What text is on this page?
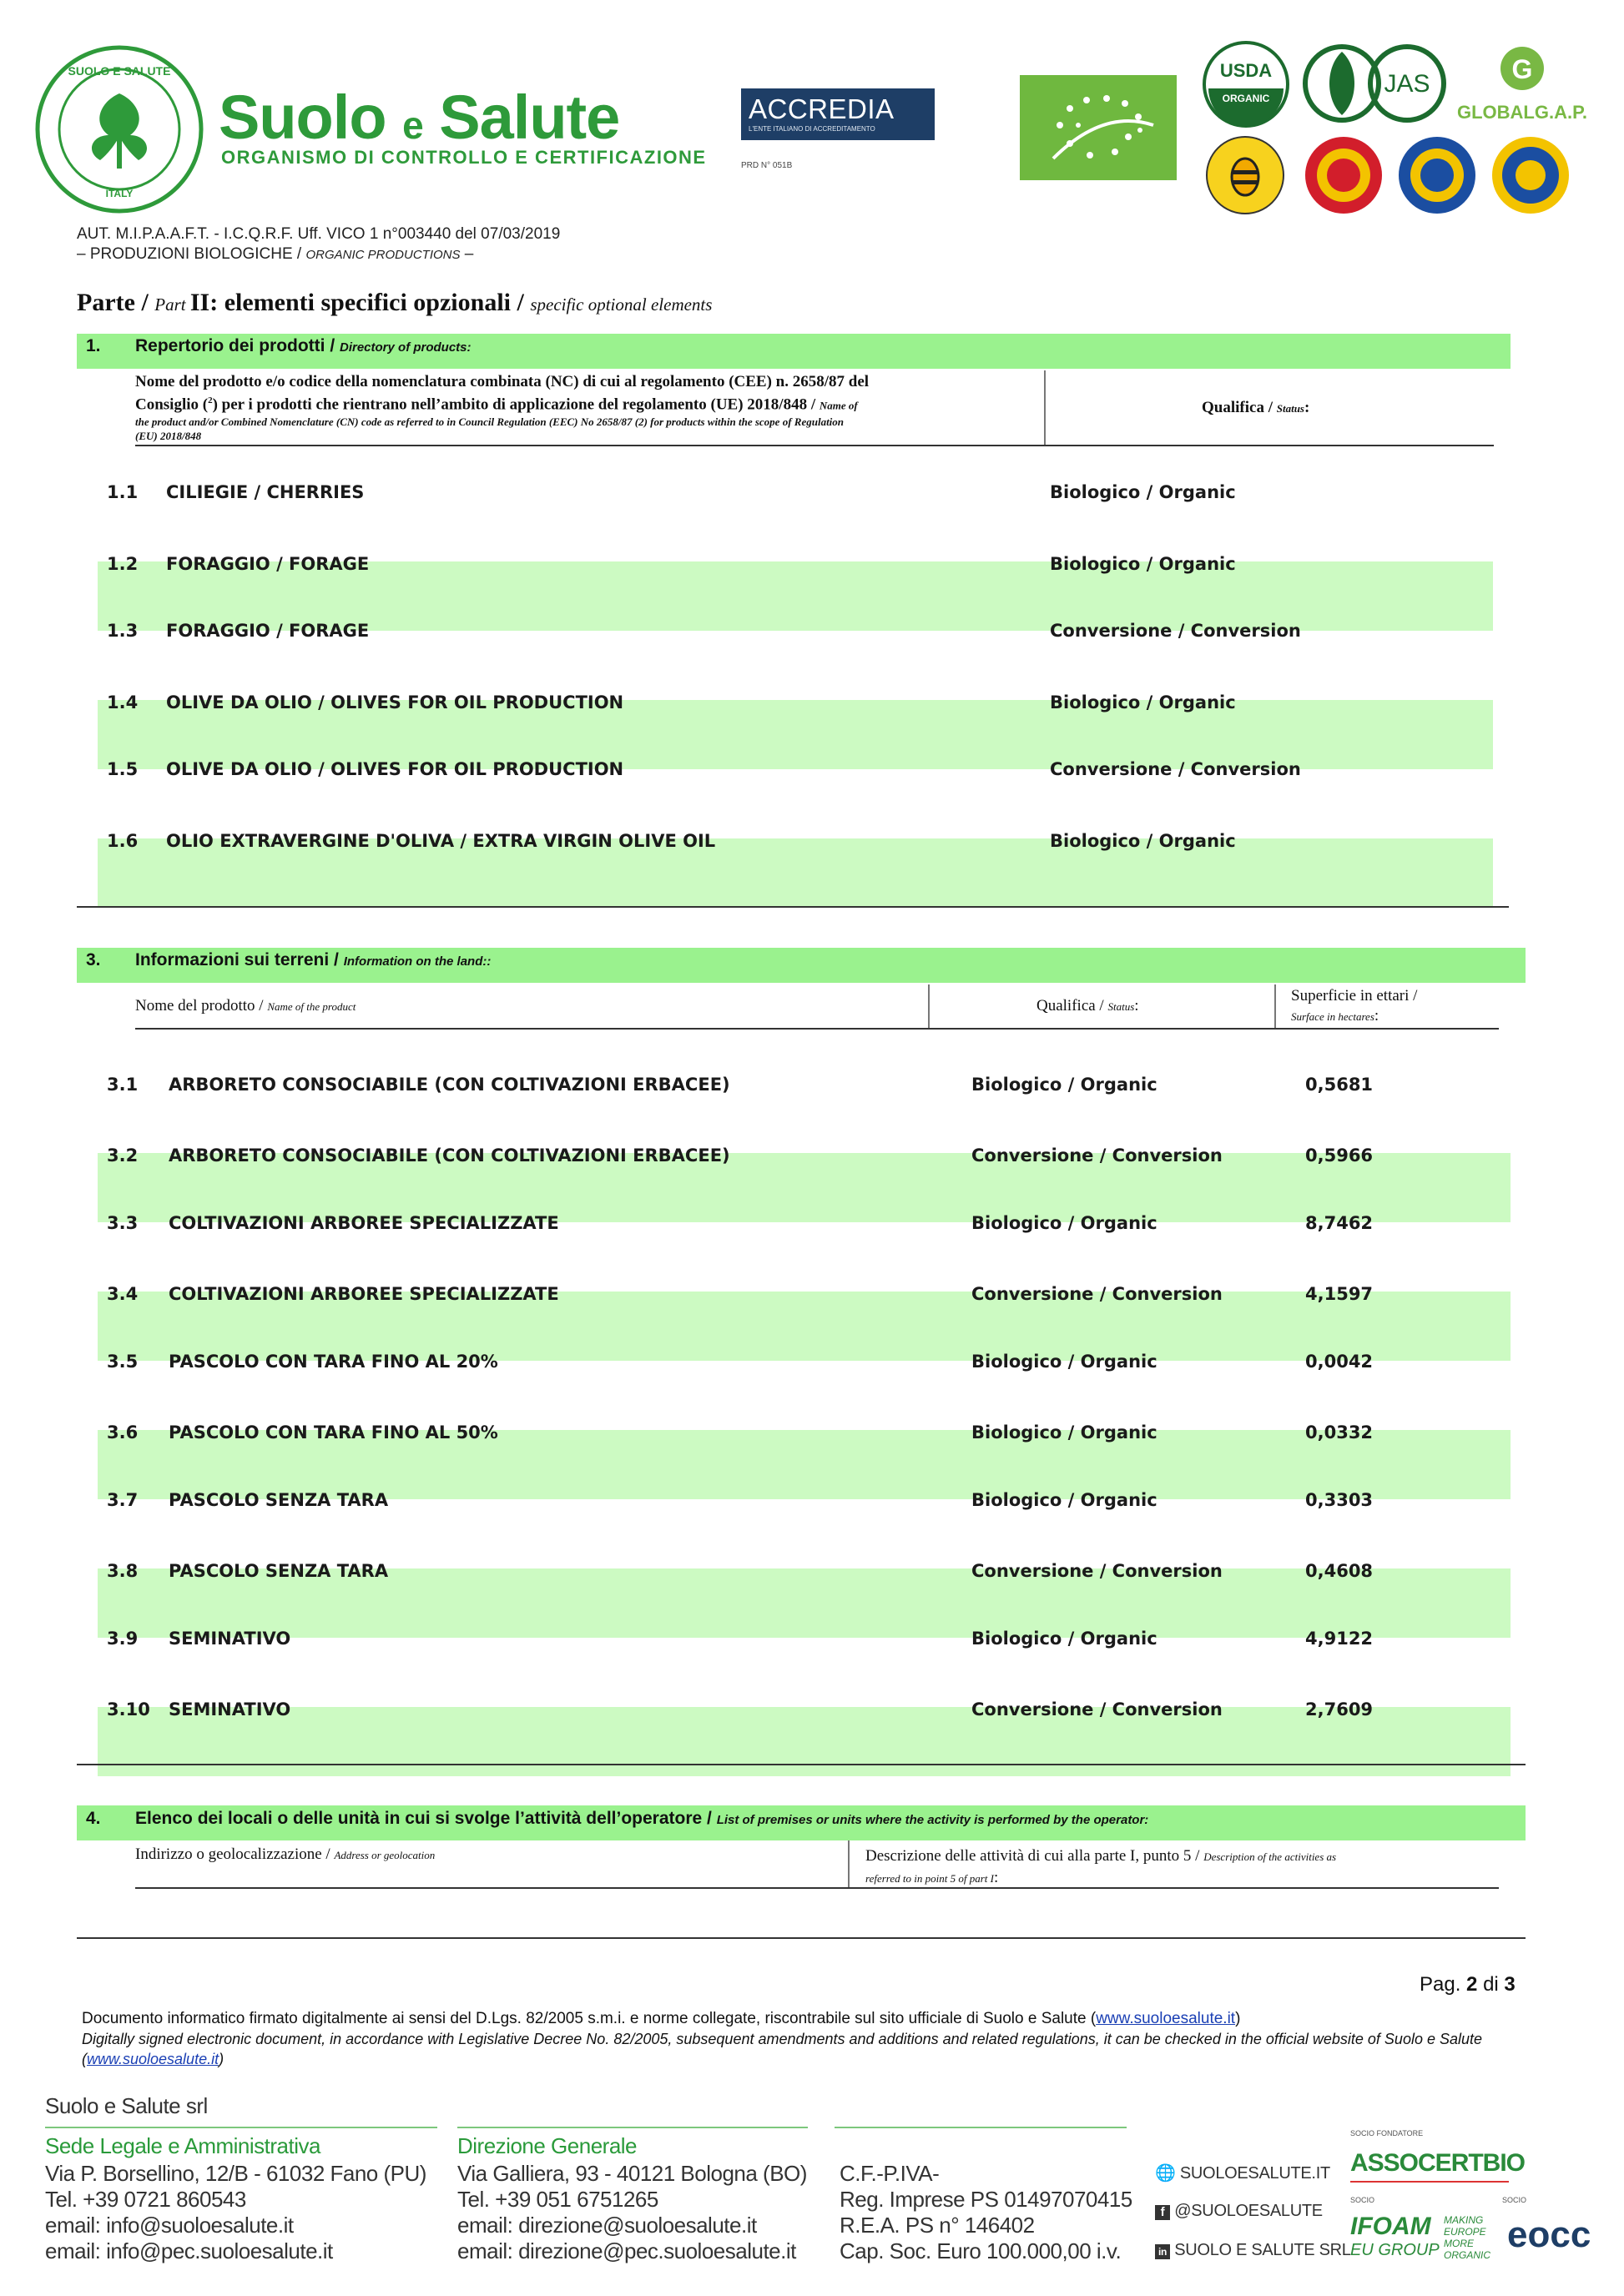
SUOLO E SALUTE
ITALY
Suolo e Salute
ORGANISMO DI CONTROLLO E CERTIFICAZIONE
ACCREDIA
L'ENTE ITALIANO DI ACCREDITAMENTO
PRD N° 051B
USDA
ORGANIC
JAS	G
GLOBALG.A.P.
AUT. M.I.P.A.A.F.T. - I.C.Q.R.F. Uff. VICO 1 n°003440 del 07/03/2019
– PRODUZIONI BIOLOGICHE / ORGANIC PRODUCTIONS –
Parte / Part II: elementi specifici opzionali / specific optional elements
1. Repertorio dei prodotti / Directory of products:
Nome del prodotto e/o codice della nomenclatura combinata (NC) di cui al regolamento (CEE) n. 2658/87 del
Consiglio ($^2$) per i prodotti che rientrano nell’ambito di applicazione del regolamento (UE) 2018/848 / Name of
the product and/or Combined Nomenclature (CN) code as referred to in Council Regulation (EEC) No 2658/87 (2) for products within the scope of Regulation
(EU) 2018/848
Qualifica / Status:
1.1 CILIEGIE / CHERRIES	Biologico / Organic
1.2 FORAGGIO / FORAGE	Biologico / Organic
1.3 FORAGGIO / FORAGE	Conversione / Conversion
1.4 OLIVE DA OLIO / OLIVES FOR OIL PRODUCTION	Biologico / Organic
1.5 OLIVE DA OLIO / OLIVES FOR OIL PRODUCTION	Conversione / Conversion
1.6 OLIO EXTRAVERGINE D'OLIVA / EXTRA VIRGIN OLIVE OIL	Biologico / Organic
3. Informazioni sui terreni / Information on the land::
Nome del prodotto / Name of the product	Qualifica / Status:
Superficie in ettari /
Surface in hectares:
3.1 ARBORETO CONSOCIABILE (CON COLTIVAZIONI ERBACEE)	Biologico / Organic	0,5681
3.2 ARBORETO CONSOCIABILE (CON COLTIVAZIONI ERBACEE)	Conversione / Conversion	0,5966
3.3 COLTIVAZIONI ARBOREE SPECIALIZZATE	Biologico / Organic	8,7462
3.4 COLTIVAZIONI ARBOREE SPECIALIZZATE	Conversione / Conversion	4,1597
3.5 PASCOLO CON TARA FINO AL 20%	Biologico / Organic	0,0042
3.6 PASCOLO CON TARA FINO AL 50%	Biologico / Organic	0,0332
3.7 PASCOLO SENZA TARA	Biologico / Organic	0,3303
3.8 PASCOLO SENZA TARA	Conversione / Conversion	0,4608
3.9 SEMINATIVO	Biologico / Organic	4,9122
3.10 SEMINATIVO	Conversione / Conversion	2,7609
4. Elenco dei locali o delle unità in cui si svolge l’attività dell’operatore / List of premises or units where the activity is performed by the operator:
Indirizzo o geolocalizzazione / Address or geolocation	Descrizione delle attività di cui alla parte I, punto 5 / Description of the activities as
referred to in point 5 of part I:
Pag. 2 di 3
Documento informatico firmato digitalmente ai sensi del D.Lgs. 82/2005 s.m.i. e norme collegate, riscontrabile sul sito ufficiale di Suolo e Salute (www.suoloesalute.it)
Digitally signed electronic document, in accordance with Legislative Decree No. 82/2005, subsequent amendments and additions and related regulations, it can be checked in the official website of Suolo e Salute (www.suoloesalute.it)
Suolo e Salute srl
Sede Legale e Amministrativa
Via P. Borsellino, 12/B - 61032 Fano (PU)
Tel. +39 0721 860543
email: info@suoloesalute.it
email: info@pec.suoloesalute.it
Direzione Generale
Via Galliera, 93 - 40121 Bologna (BO)
Tel. +39 051 6751265
email: direzione@suoloesalute.it
email: direzione@pec.suoloesalute.it
C.F.-P.IVA-
Reg. Imprese PS 01497070415
R.E.A. PS n° 146402
Cap. Soc. Euro 100.000,00 i.v.
🌐 SUOLOESALUTE.IT
f @SUOLOESALUTE
in SUOLO E SALUTE SRL
SOCIO FONDATORE
ASSOCERTBIO
SOCIO
IFOAM
EU GROUP
MAKING
EUROPE
MORE
ORGANIC
SOCIO
eocc
